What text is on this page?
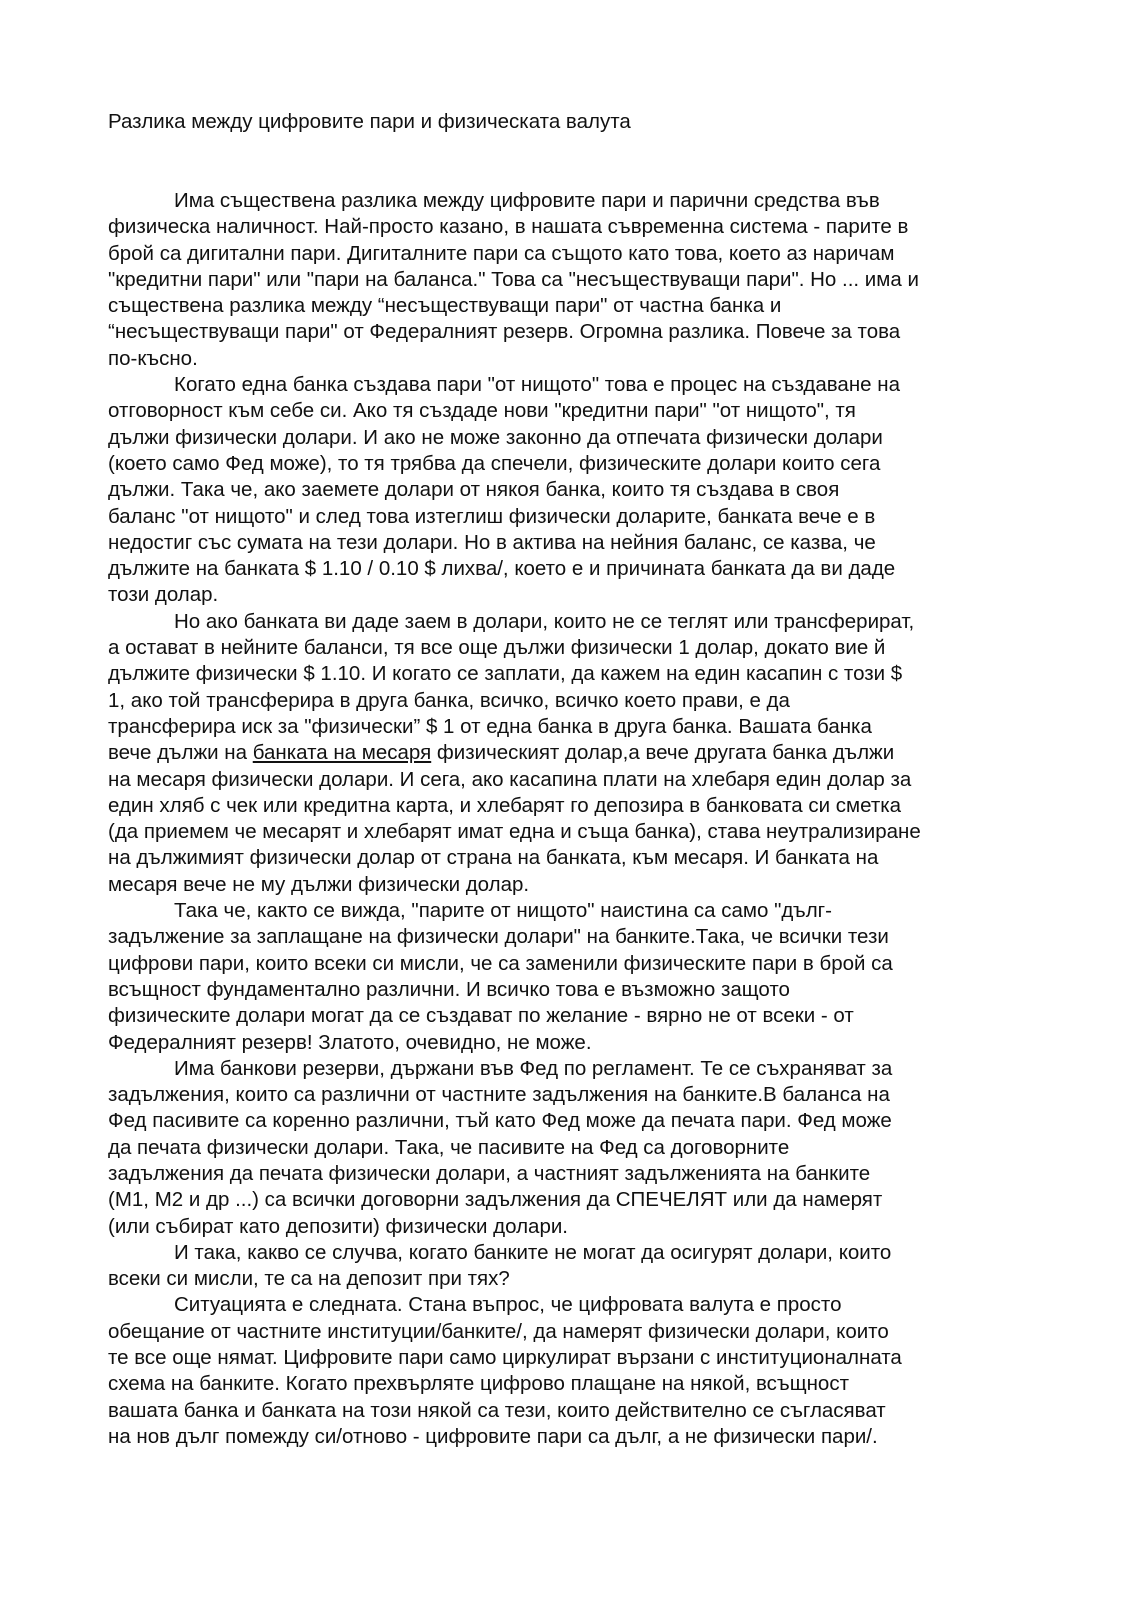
Разлика между цифровите пари и физическата валута

Има съществена разлика между цифровите пари и парични средства във
физическа наличност. Най-просто казано, в нашата съвременна система - парите в
брой са дигитални пари. Дигиталните пари са същото като това, което аз наричам
"кредитни пари" или "пари на баланса." Това са "несъществуващи пари". Но ... има и
съществена разлика между “несъществуващи пари" от частна банка и
“несъществуващи пари" от Федералният резерв. Огромна разлика. Повече за това
по-късно.

Когато една банка създава пари "от нищото" това е процес на създаване на
отговорност към себе си. Ако тя създаде нови "кредитни пари" "от нищото", тя
дължи физически долари. И ако не може законно да отпечата физически долари
(което само Фед може), то тя трябва да спечели, физическите долари които сега
дължи. Така че, ако заемете долари от някоя банка, които тя създава в своя
баланс "от нищото" и след това изтеглиш физически доларите, банката вече е в
недостиг със сумата на тези долари. Но в актива на нейния баланс, се казва, че
дължите на банката $ 1.10 / 0.10 $ лихва/, което е и причината банката да ви даде
този долар.

Но ако банката ви даде заем в долари, които не се теглят или трансферират,
а остават в нейните баланси, тя все още дължи физически 1 долар, докато вие й
дължите физически $ 1.10. И когато се заплати, да кажем на един касапин с този $
1, ако той трансферира в друга банка, всичко, всичко което прави, е да
трансферира иск за "физически” $ 1 от една банка в друга банка. Вашата банка
вече дължи на банката на месаря физическият долар,а вече другата банка дължи
на месаря физически долари. И сега, ако касапина плати на хлебаря един долар за
един хляб с чек или кредитна карта, и хлебарят го депозира в банковата си сметка
(да приемем че месарят и хлебарят имат една и съща банка), става неутрализиране
на дължимият физически долар от страна на банката, към месаря. И банката на
месаря вече не му дължи физически долар.

Така че, както се вижда, "парите от нищото" наистина са само "дълг-
задължение за заплащане на физически долари" на банките.Така, че всички тези
цифрови пари, които всеки си мисли, че са заменили физическите пари в брой са
всъщност фундаментално различни. И всичко това е възможно защото
физическите долари могат да се създават по желание - вярно не от всеки - от
Федералният резерв! Златото, очевидно, не може.

Има банкови резерви, държани във Фед по регламент. Те се съхраняват за
задължения, които са различни от частните задължения на банките.В баланса на
Фед пасивите са коренно различни, тъй като Фед може да печата пари. Фед може
да печата физически долари. Така, че пасивите на Фед са договорните
задължения да печата физически долари, а частният задълженията на банките
(М1, М2 и др ...) са всички договорни задължения да СПЕЧЕЛЯТ или да намерят
(или събират като депозити) физически долари.

И така, какво се случва, когато банките не могат да осигурят долари, които
всеки си мисли, те са на депозит при тях?

Ситуацията е следната. Стана въпрос, че цифровата валута е просто
обещание от частните институции/банките/, да намерят физически долари, които
те все още нямат. Цифровите пари само циркулират вързани с институционалната
схема на банките. Когато прехвърляте цифрово плащане на някой, всъщност
вашата банка и банката на този някой са тези, които действително се съгласяват
на нов дълг помежду си/отново - цифровите пари са дълг, а не физически пари/.
